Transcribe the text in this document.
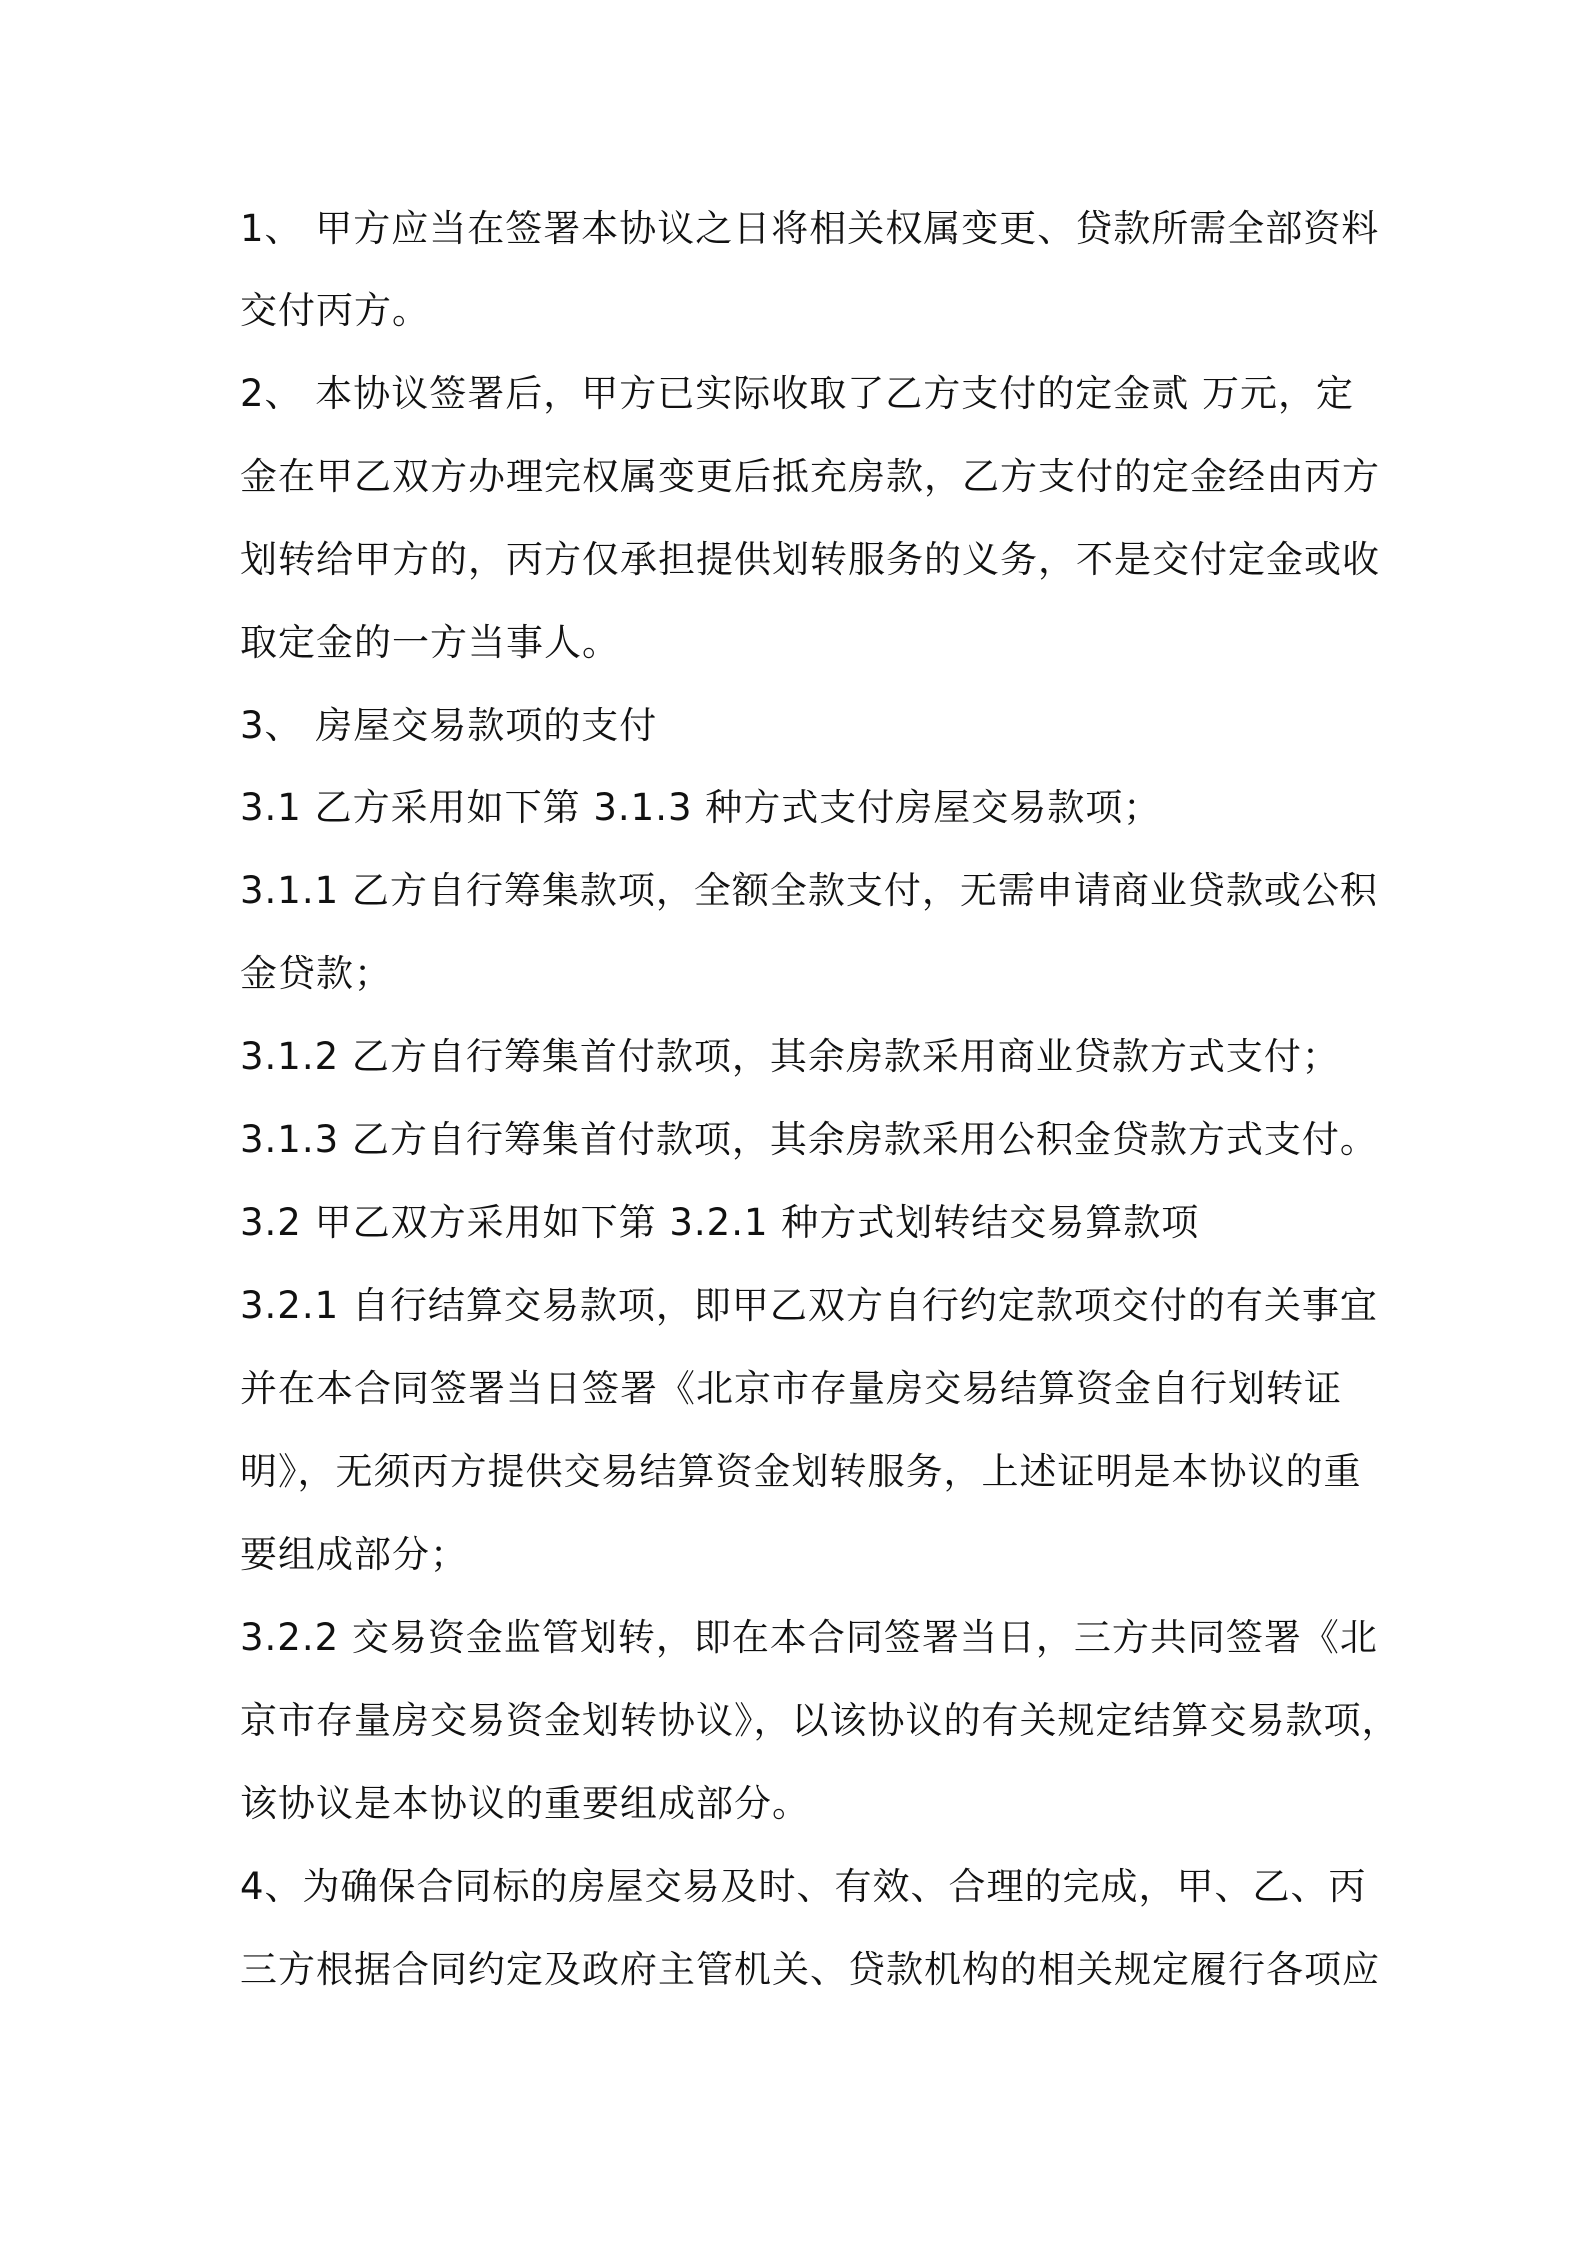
1、 甲方应当在签署本协议之日将相关权属变更、贷款所需全部资料
交付丙方。
2、 本协议签署后，甲方已实际收取了乙方支付的定金贰 万元，定
金在甲乙双方办理完权属变更后抵充房款，乙方支付的定金经由丙方
划转给甲方的，丙方仅承担提供划转服务的义务，不是交付定金或收
取定金的一方当事人。
3、 房屋交易款项的支付
3.1 乙方采用如下第 3.1.3 种方式支付房屋交易款项；
3.1.1 乙方自行筹集款项，全额全款支付，无需申请商业贷款或公积
金贷款；
3.1.2 乙方自行筹集首付款项，其余房款采用商业贷款方式支付；
3.1.3 乙方自行筹集首付款项，其余房款采用公积金贷款方式支付。
3.2 甲乙双方采用如下第 3.2.1 种方式划转结交易算款项
3.2.1 自行结算交易款项，即甲乙双方自行约定款项交付的有关事宜
并在本合同签署当日签署《北京市存量房交易结算资金自行划转证
明》，无须丙方提供交易结算资金划转服务，上述证明是本协议的重
要组成部分；
3.2.2 交易资金监管划转，即在本合同签署当日，三方共同签署《北
京市存量房交易资金划转协议》，以该协议的有关规定结算交易款项，
该协议是本协议的重要组成部分。
4、为确保合同标的房屋交易及时、有效、合理的完成，甲、乙、丙
三方根据合同约定及政府主管机关、贷款机构的相关规定履行各项应
